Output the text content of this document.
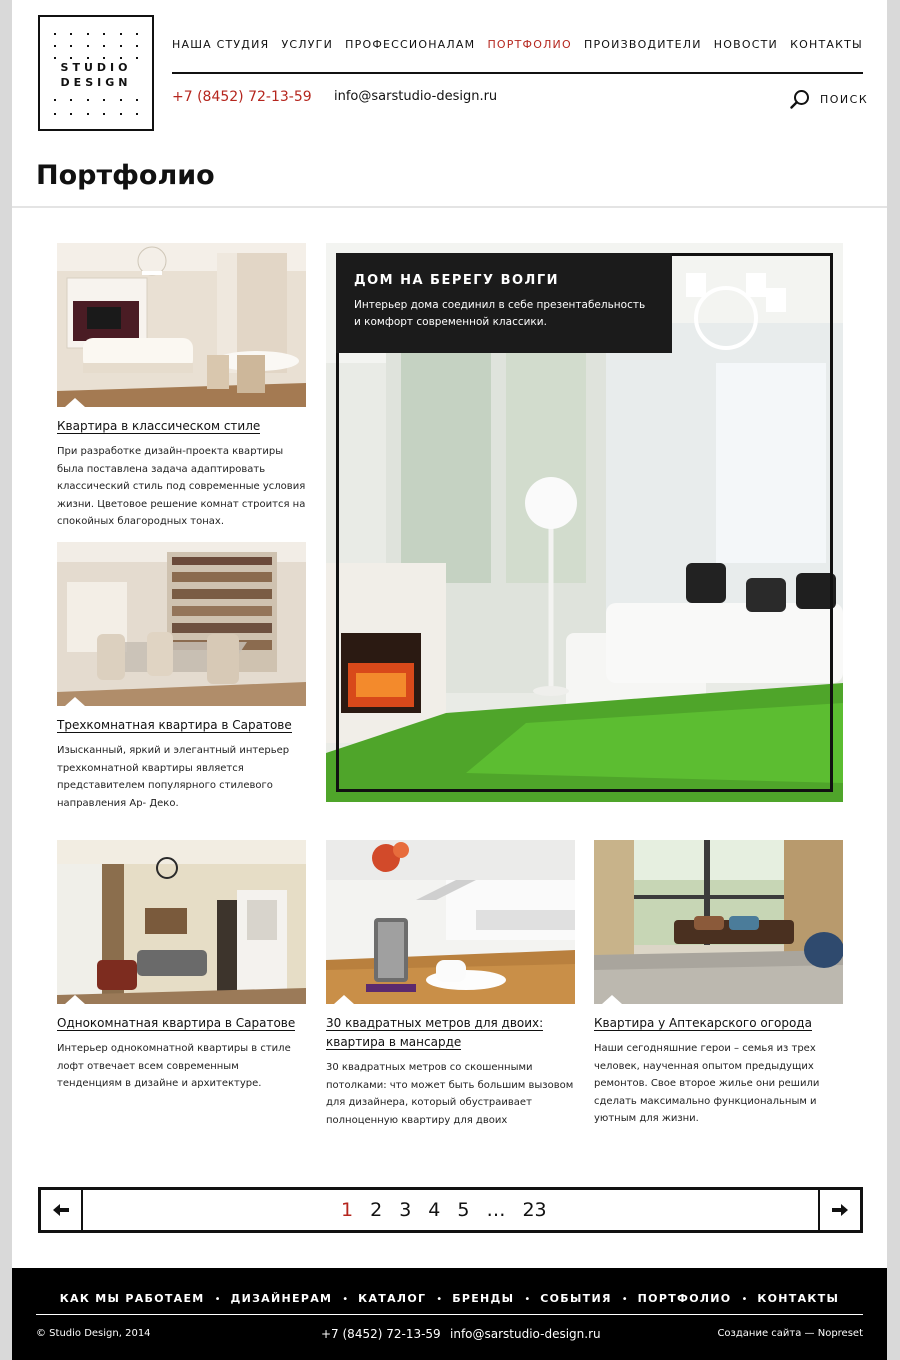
STUDIO
DESIGN
НАША СТУДИЯ УСЛУГИ ПРОФЕССИОНАЛАМ ПОРТФОЛИО ПРОИЗВОДИТЕЛИ НОВОСТИ КОНТАКТЫ
+7 (8452) 72-13-59 info@sarstudio-design.ru	ПОИСК
Портфолио
Квартира в классическом стиле
При разработке дизайн-проекта квартиры была поставлена задача адаптировать классический стиль под современные условия жизни. Цветовое решение комнат строится на спокойных благородных тонах.
Трехкомнатная квартира в Саратове
Изысканный, яркий и элегантный интерьер трехкомнатной квартиры является представителем популярного стилевого направления Ар- Деко.
ДОМ НА БЕРЕГУ ВОЛГИ
Интерьер дома соединил в себе презентабельность и комфорт современной классики.
Однокомнатная квартира в Саратове
Интерьер однокомнатной квартиры в стиле лофт отвечает всем современным тенденциям в дизайне и архитектуре.
30 квадратных метров для двоих: квартира в мансарде
30 квадратных метров со скошенными потолками: что может быть большим вызовом для дизайнера, который обустраивает полноценную квартиру для двоих
Квартира у Аптекарского огорода
Наши сегодняшние герои – семья из трех человек, наученная опытом предыдущих ремонтов. Свое второе жилье они решили сделать максимально функциональным и уютным для жизни.
1 2 3 4 5 … 23
КАК МЫ РАБОТАЕМ • ДИЗАЙНЕРАМ • КАТАЛОГ • БРЕНДЫ • СОБЫТИЯ • ПОРТФОЛИО • КОНТАКТЫ
© Studio Design, 2014	+7 (8452) 72-13-59 info@sarstudio-design.ru	Создание сайта — Nopreset
